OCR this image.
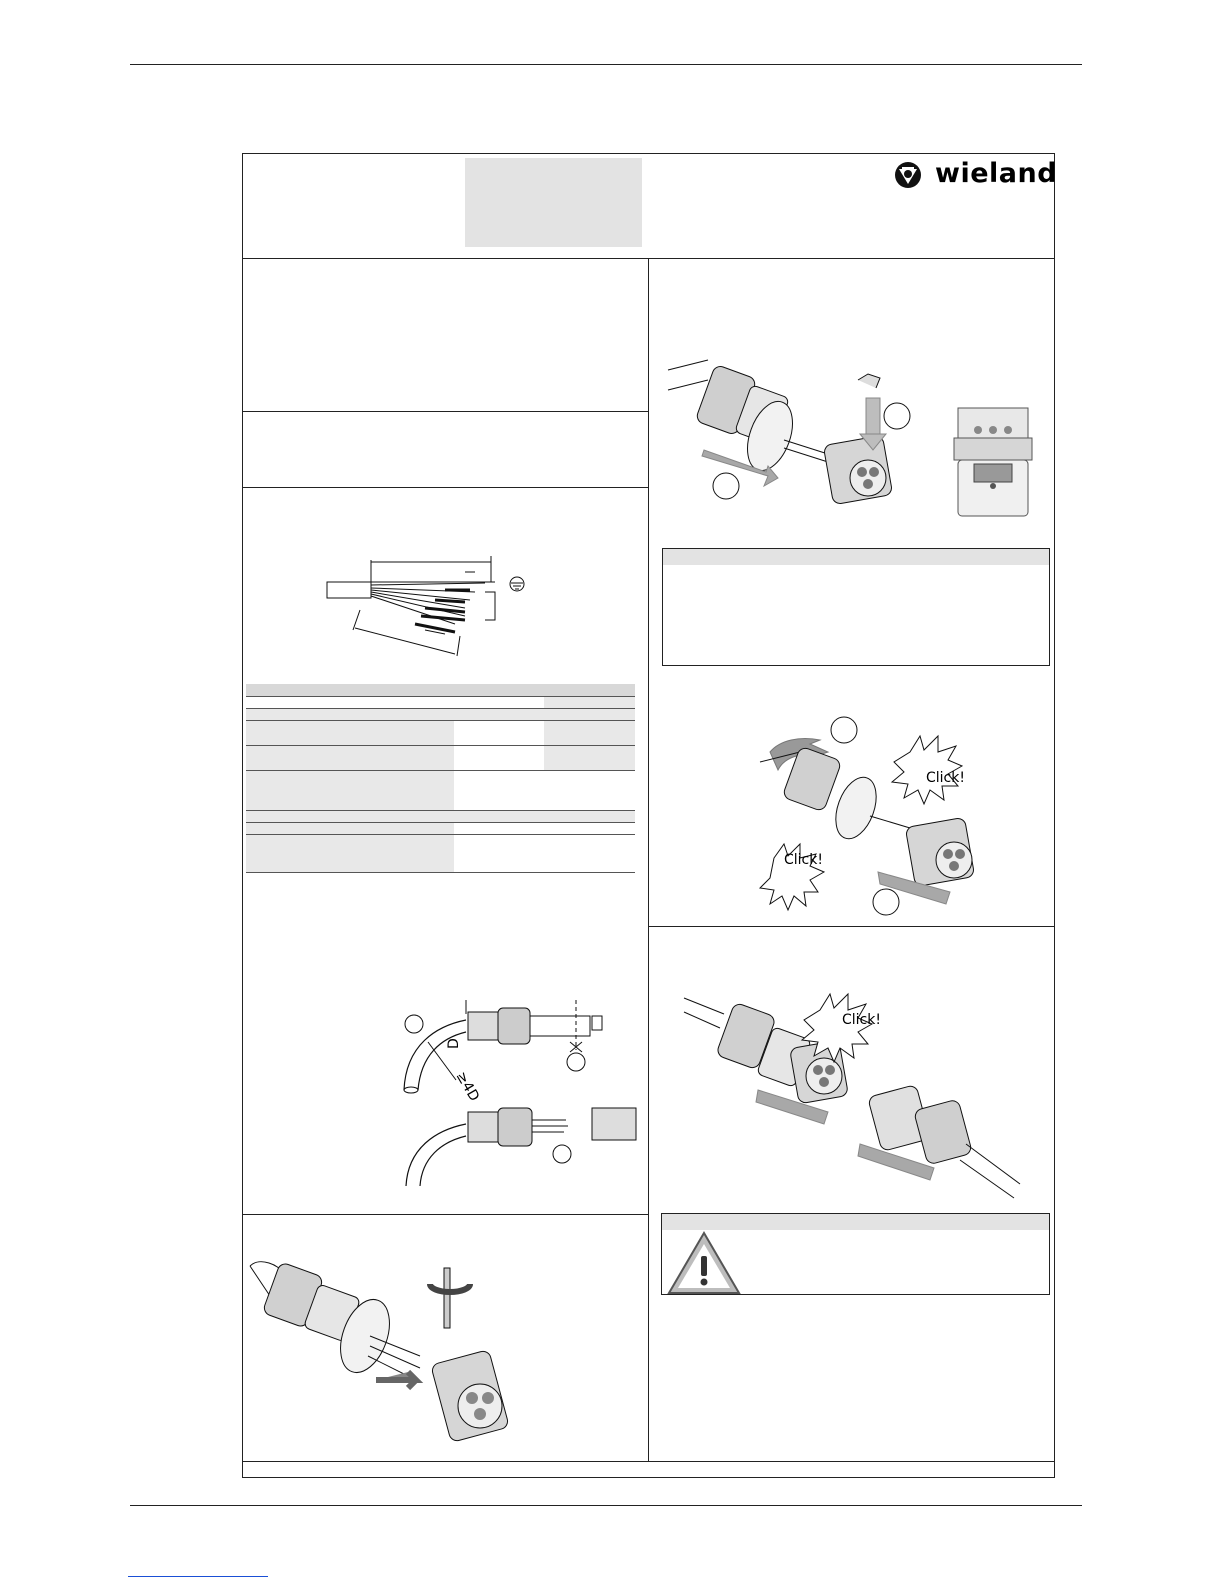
wieland

D
≥4D
Click!
Click!
Click!
